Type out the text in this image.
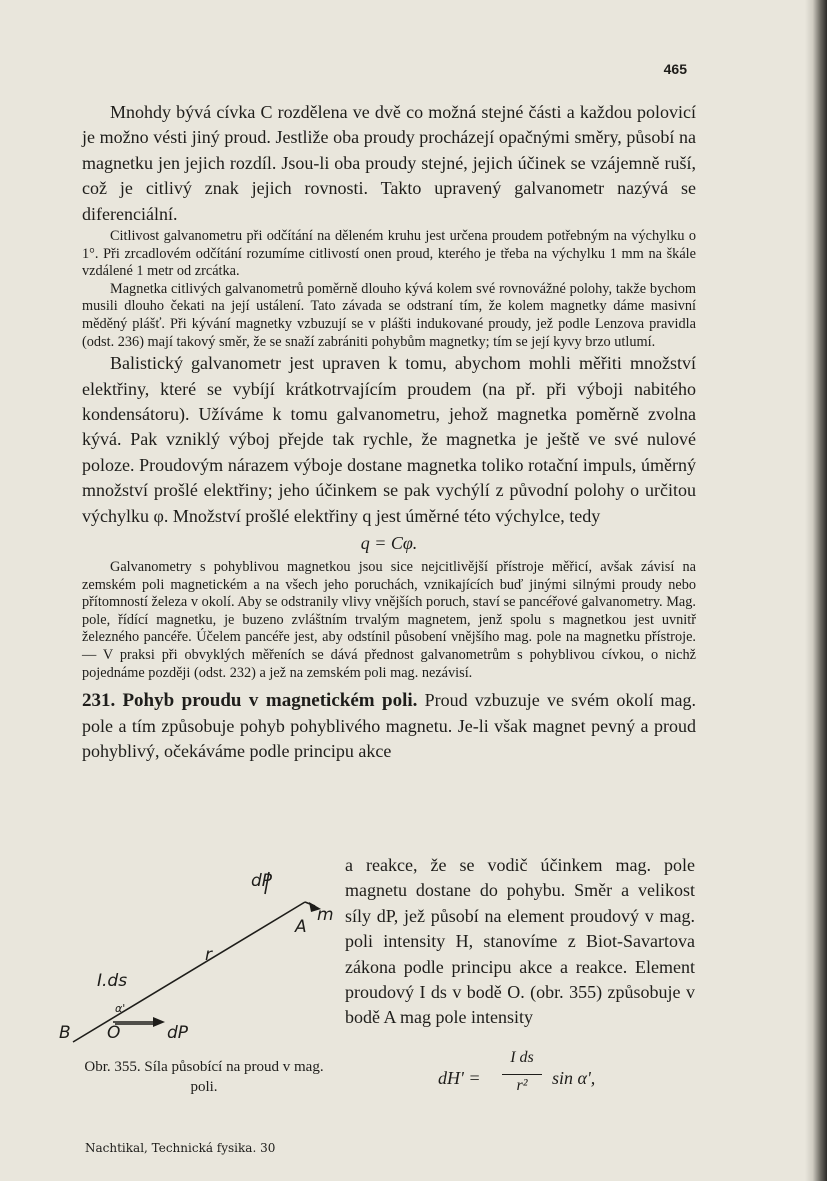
465

Mnohdy bývá cívka C rozdělena ve dvě co možná stejné části a každou polovicí je možno vésti jiný proud. Jestliže oba proudy procházejí opačnými směry, působí na magnetku jen jejich rozdíl. Jsou-li oba proudy stejné, jejich účinek se vzájemně ruší, což je citlivý znak jejich rovnosti. Takto upravený galvanometr nazývá se diferenciální.

Citlivost galvanometru při odčítání na děleném kruhu jest určena proudem potřebným na výchylku o 1°. Při zrcadlovém odčítání rozumíme citlivostí onen proud, kterého je třeba na výchylku 1 mm na škále vzdálené 1 metr od zrcátka.

Magnetka citlivých galvanometrů poměrně dlouho kývá kolem své rovnovážné polohy, takže bychom musili dlouho čekati na její ustálení. Tato závada se odstraní tím, že kolem magnetky dáme masivní měděný plášť. Při kývání magnetky vzbuzují se v plášti indukované proudy, jež podle Lenzova pravidla (odst. 236) mají takový směr, že se snaží zabrániti pohybům magnetky; tím se její kyvy brzo utlumí.

Balistický galvanometr jest upraven k tomu, abychom mohli měřiti množství elektřiny, které se vybíjí krátkotrvajícím proudem (na př. při výboji nabitého kondensátoru). Užíváme k tomu galvanometru, jehož magnetka poměrně zvolna kývá. Pak vzniklý výboj přejde tak rychle, že magnetka je ještě ve své nulové poloze. Proudovým nárazem výboje dostane magnetka toliko rotační impuls, úměrný množství prošlé elektřiny; jeho účinkem se pak vychýlí z původní polohy o určitou výchylku φ. Množství prošlé elektřiny q jest úměrné této výchylce, tedy

q = Cφ.

Galvanometry s pohyblivou magnetkou jsou sice nejcitlivější přístroje měřicí, avšak závisí na zemském poli magnetickém a na všech jeho poruchách, vznikajících buď jinými silnými proudy nebo přítomností železa v okolí. Aby se odstranily vlivy vnějších poruch, staví se pancéřové galvanometry. Mag. pole, řídící magnetku, je buzeno zvláštním trvalým magnetem, jenž spolu s magnetkou jest uvnitř železného pancéře. Účelem pancéře jest, aby odstínil působení vnějšího mag. pole na magnetku přístroje. — V praksi při obvyklých měřeních se dává přednost galvanometrům s pohyblivou cívkou, o nichž pojednáme později (odst. 232) a jež na zemském poli mag. nezávisí.

231. Pohyb proudu v magnetickém poli. Proud vzbuzuje ve svém okolí mag. pole a tím způsobuje pohyb pohyblivého magnetu. Je-li však magnet pevný a proud pohyblivý, očekáváme podle principu akce

a reakce, že se vodič účinkem mag. pole magnetu dostane do pohybu. Směr a velikost síly dP, jež působí na element proudový v mag. poli intensity H, stanovíme z Biot-Savartova zákona podle principu akce a reakce. Element proudový I ds v bodě O. (obr. 355) způsobuje v bodě A mag pole intensity
dP
m
A
r
I.ds
α'
B O	dP
Obr. 355. Síla působící na proud v mag. poli.	dH' =
I ds
r²	sin α',
Nachtikal, Technická fysika. 30
